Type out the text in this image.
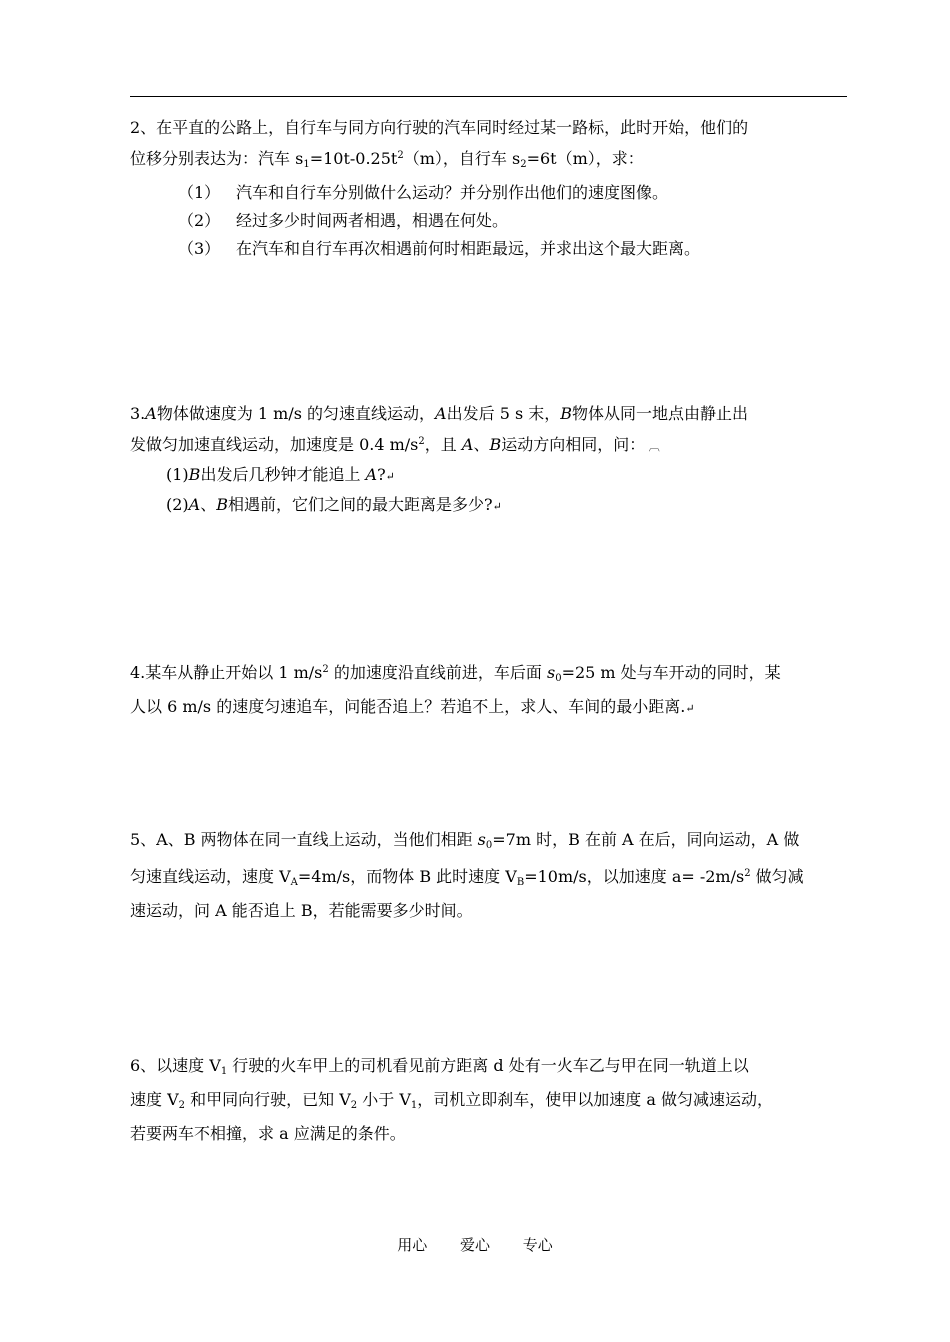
2、在平直的公路上，自行车与同方向行驶的汽车同时经过某一路标，此时开始，他们的
位移分别表达为：汽车 $s_1=10t-0.25t^2(m)$，自行车 $s_2=6t(m)$，求：
（1） 汽车和自行车分别做什么运动？并分别作出他们的速度图像。
（2） 经过多少时间两者相遇，相遇在何处。
（3） 在汽车和自行车再次相遇前何时相距最远，并求出这个最大距离。
3.A物体做速度为 1 m/s 的匀速直线运动，A出发后 5 s 末，B物体从同一地点由静止出
发做匀加速直线运动，加速度是 0.4 $m/s^2$，且 A、B运动方向相同，问： ︹
(1)B出发后几秒钟才能追上 A?↵
(2)A、B相遇前，它们之间的最大距离是多少?↵
4.某车从静止开始以 1 $m/s^2$ 的加速度沿直线前进，车后面 $s_0=25$ m 处与车开动的同时，某
人以 6 m/s 的速度匀速追车，问能否追上？若追不上，求人、车间的最小距离.↵
5、A、B 两物体在同一直线上运动，当他们相距 $s_0=7m$ 时，B 在前 A 在后，同向运动，A 做
匀速直线运动，速度 $V_A=4m/s$，而物体 B 此时速度 $V_B=10m/s$，以加速度 $a= -2m/s^2$ 做匀减
速运动，问 A 能否追上 B，若能需要多少时间。
6、以速度 $V_1$ 行驶的火车甲上的司机看见前方距离 d 处有一火车乙与甲在同一轨道上以
速度 $V_2$ 和甲同向行驶，已知 $V_2$ 小于 $V_1$，司机立即刹车，使甲以加速度 a 做匀减速运动，
若要两车不相撞，求 a 应满足的条件。
用心 爱心 专心
